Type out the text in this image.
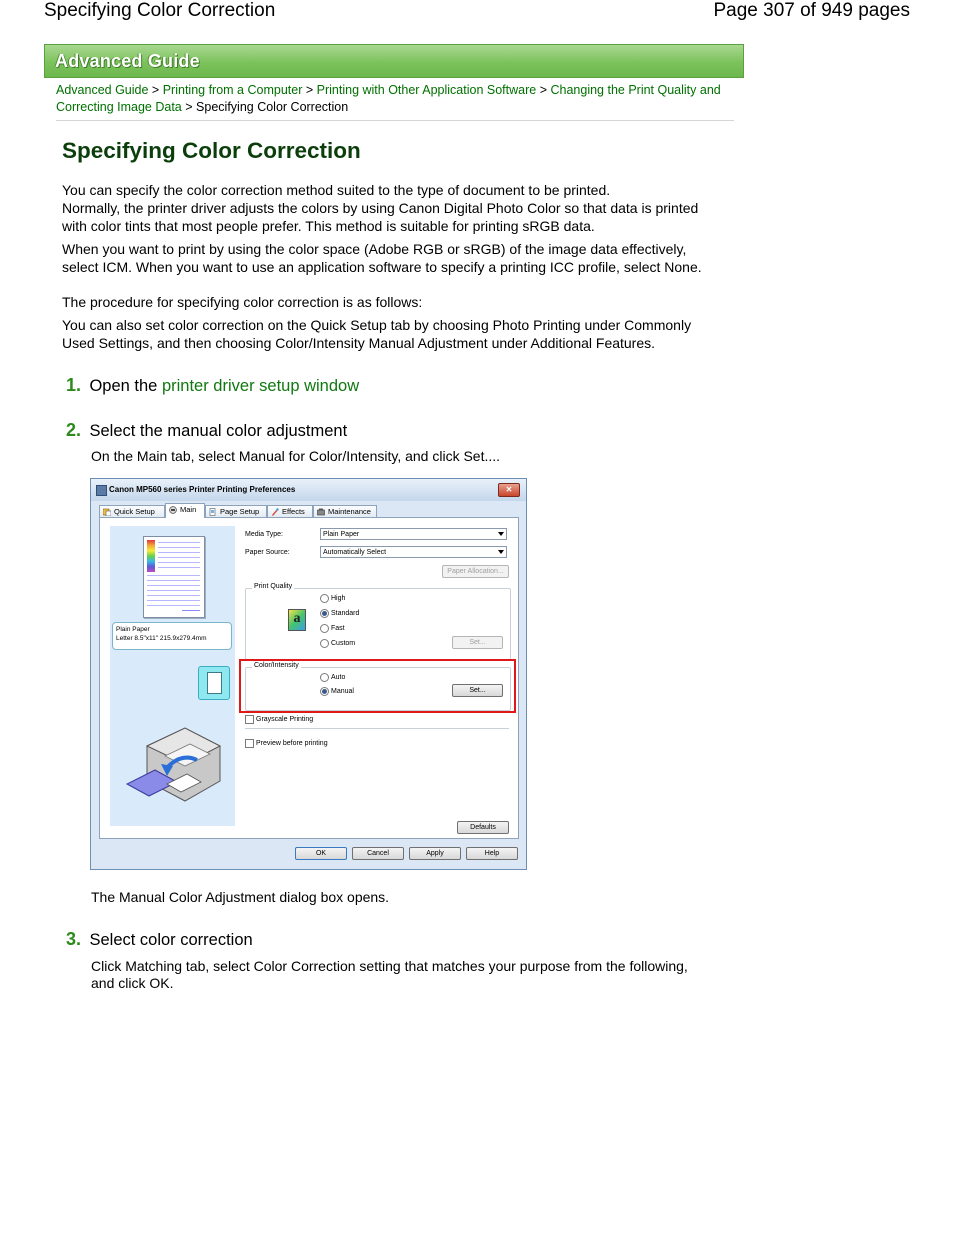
Specifying Color Correction	Page 307 of 949 pages
Advanced Guide
Advanced Guide > Printing from a Computer > Printing with Other Application Software > Changing the Print Quality and Correcting Image Data > Specifying Color Correction
Specifying Color Correction
You can specify the color correction method suited to the type of document to be printed.
Normally, the printer driver adjusts the colors by using Canon Digital Photo Color so that data is printed with color tints that most people prefer. This method is suitable for printing sRGB data.
When you want to print by using the color space (Adobe RGB or sRGB) of the image data effectively, select ICM. When you want to use an application software to specify a printing ICC profile, select None.
The procedure for specifying color correction is as follows:
You can also set color correction on the Quick Setup tab by choosing Photo Printing under Commonly Used Settings, and then choosing Color/Intensity Manual Adjustment under Additional Features.
1. Open the printer driver setup window
2. Select the manual color adjustment
On the Main tab, select Manual for Color/Intensity, and click Set....
Canon MP560 series Printer Printing Preferences	✕
Quick Setup	Main	Page Setup	Effects	Maintenance
Plain Paper
Letter 8.5"x11" 215.9x279.4mm
Media Type:	Plain Paper
Paper Source:	Automatically Select
Paper Allocation...
Print Quality
a
High
Standard
Fast
Custom	Set...
Color/Intensity
Auto
Manual	Set...
Grayscale Printing
Preview before printing
Defaults
OK	Cancel	Apply	Help
The Manual Color Adjustment dialog box opens.
3. Select color correction
Click Matching tab, select Color Correction setting that matches your purpose from the following, and click OK.
